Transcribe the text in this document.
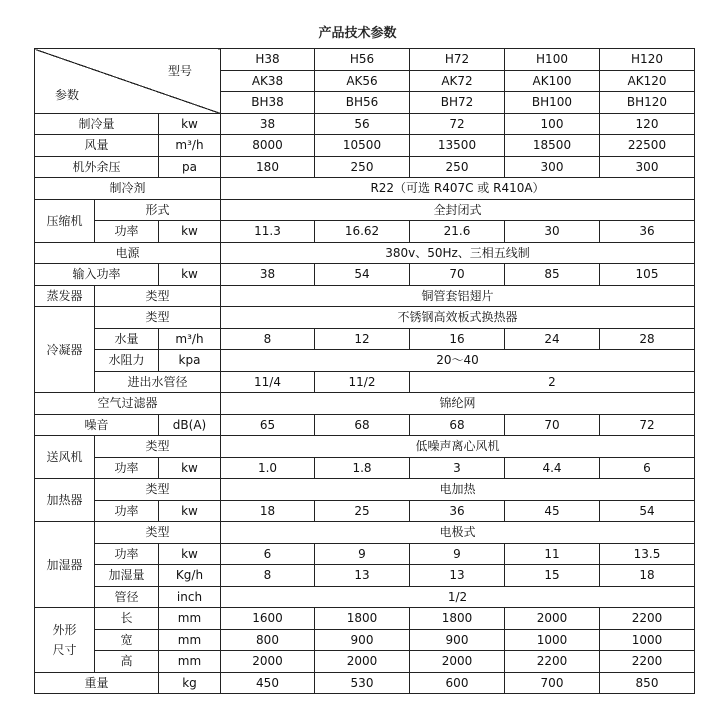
产品技术参数
型号
参数			H38	H56	H72	H100	H120
			AK38	AK56	AK72	AK100	AK120
			BH38	BH56	BH72	BH100	BH120
制冷量		kw	38	56	72	100	120
风量		m³/h	8000	10500	13500	18500	22500
机外余压		pa	180	250	250	300	300
制冷剂			R22（可选 R407C 或 R410A）				
压缩机	形式		全封闭式				
	功率	kw	11.3	16.62	21.6	30	36
电源			380v、50Hz、三相五线制				
输入功率		kw	38	54	70	85	105
蒸发器	类型		铜管套铝翅片				
冷凝器	类型		不锈钢高效板式换热器				
	水量	m³/h	8	12	16	24	28
	水阻力	kpa	20～40				
	进出水管径		11/4	11/2	2		
空气过滤器			锦纶网				
噪音		dB(A)	65	68	68	70	72
送风机	类型		低噪声离心风机				
	功率	kw	1.0	1.8	3	4.4	6
加热器	类型		电加热				
	功率	kw	18	25	36	45	54
加湿器	类型		电极式				
	功率	kw	6	9	9	11	13.5
	加湿量	Kg/h	8	13	13	15	18
	管径	inch	1/2				
外形
尺寸	长	mm	1600	1800	1800	2000	2200
	宽	mm	800	900	900	1000	1000
	高	mm	2000	2000	2000	2200	2200
重量		kg	450	530	600	700	850
